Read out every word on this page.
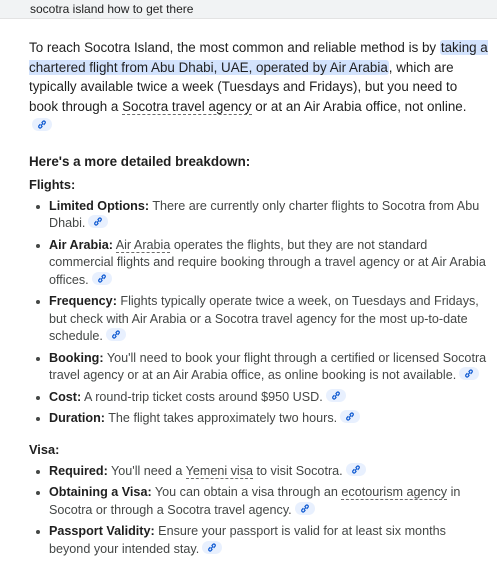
socotra island how to get there

To reach Socotra Island, the most common and reliable method is by taking a chartered flight from Abu Dhabi, UAE, operated by Air Arabia, which are typically available twice a week (Tuesdays and Fridays), but you need to book through a Socotra travel agency or at an Air Arabia office, not online.

Here's a more detailed breakdown:
Flights:
Limited Options: There are currently only charter flights to Socotra from Abu Dhabi.
Air Arabia: Air Arabia operates the flights, but they are not standard commercial flights and require booking through a travel agency or at Air Arabia offices.
Frequency: Flights typically operate twice a week, on Tuesdays and Fridays, but check with Air Arabia or a Socotra travel agency for the most up-to-date schedule.
Booking: You'll need to book your flight through a certified or licensed Socotra travel agency or at an Air Arabia office, as online booking is not available.
Cost: A round-trip ticket costs around $950 USD.
Duration: The flight takes approximately two hours.
Visa:
Required: You'll need a Yemeni visa to visit Socotra.
Obtaining a Visa: You can obtain a visa through an ecotourism agency in Socotra or through a Socotra travel agency.
Passport Validity: Ensure your passport is valid for at least six months beyond your intended stay.
